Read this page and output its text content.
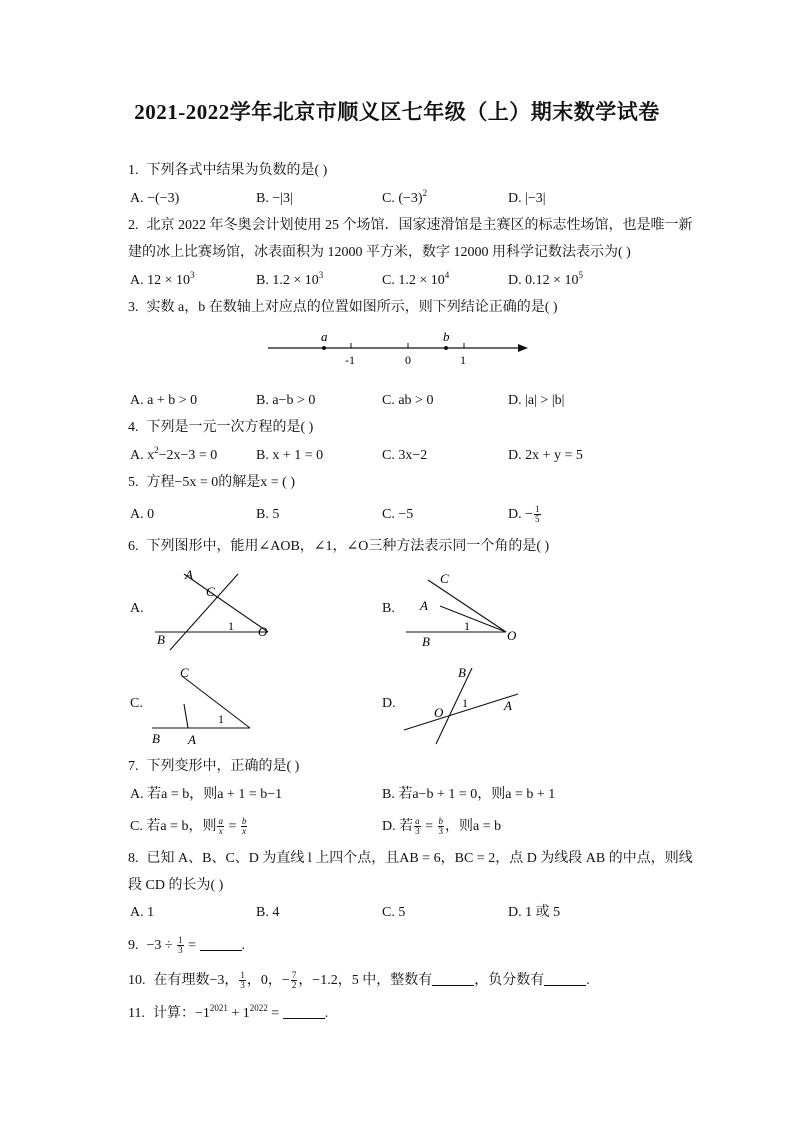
2021-2022学年北京市顺义区七年级（上）期末数学试卷
1. 下列各式中结果为负数的是( )
A. −(−3)	B. −|3|	C. $(-3)^2$	D. |−3|
2. 北京 2022 年冬奥会计划使用 25 个场馆．国家速滑馆是主赛区的标志性场馆，也是唯一新
建的冰上比赛场馆，冰表面积为 12000 平方米，数字 12000 用科学记数法表示为( )
A. $12 \times 10^3$	B. $1.2 \times 10^3$	C. $1.2 \times 10^4$	D. $0.12 \times 10^5$
3. 实数 a，b 在数轴上对应点的位置如图所示，则下列结论正确的是( )
a	b
-1	0	1
A. a + b > 0	B. a−b > 0	C. ab > 0	D. |a| > |b|
4. 下列是一元一次方程的是( )
A. $x^2-2x-3 = 0$	B. x + 1 = 0	C. 3x−2	D. 2x + y = 5
5. 方程−5x = 0的解是x = ( )
A. 0	B. 5	C. −5	D. − $\frac{1}{5}$
6. 下列图形中，能用∠AOB，∠1，∠O三种方法表示同一个角的是( )
A.
A
C
B
O
1
B.
C
A
B	O
1
C.
C
B A
1
D.
B
O	A
1
7. 下列变形中，正确的是( )
A. 若a = b，则a + 1 = b−1	B. 若a−b + 1 = 0，则a = b + 1
C. 若a = b，则 $\frac{a}{x} = \frac{b}{x}$	D. 若 $\frac{a}{3} = \frac{b}{3}$ ，则a = b
8. 已知 A、B、C、D 为直线 l 上四个点，且AB = 6，BC = 2，点 D 为线段 AB 的中点，则线
段 CD 的长为( )
A. 1	B. 4	C. 5	D. 1 或 5
9. $-3 \div \frac{1}{3}$ =	.
10. 在有理数−3， $\frac{1}{3}$ ，0，− $\frac{7}{2}$ ，−1.2，5 中，整数有	，负分数有	.
11. 计算：$-1^{2021} + 1^{2022}$ =	.
